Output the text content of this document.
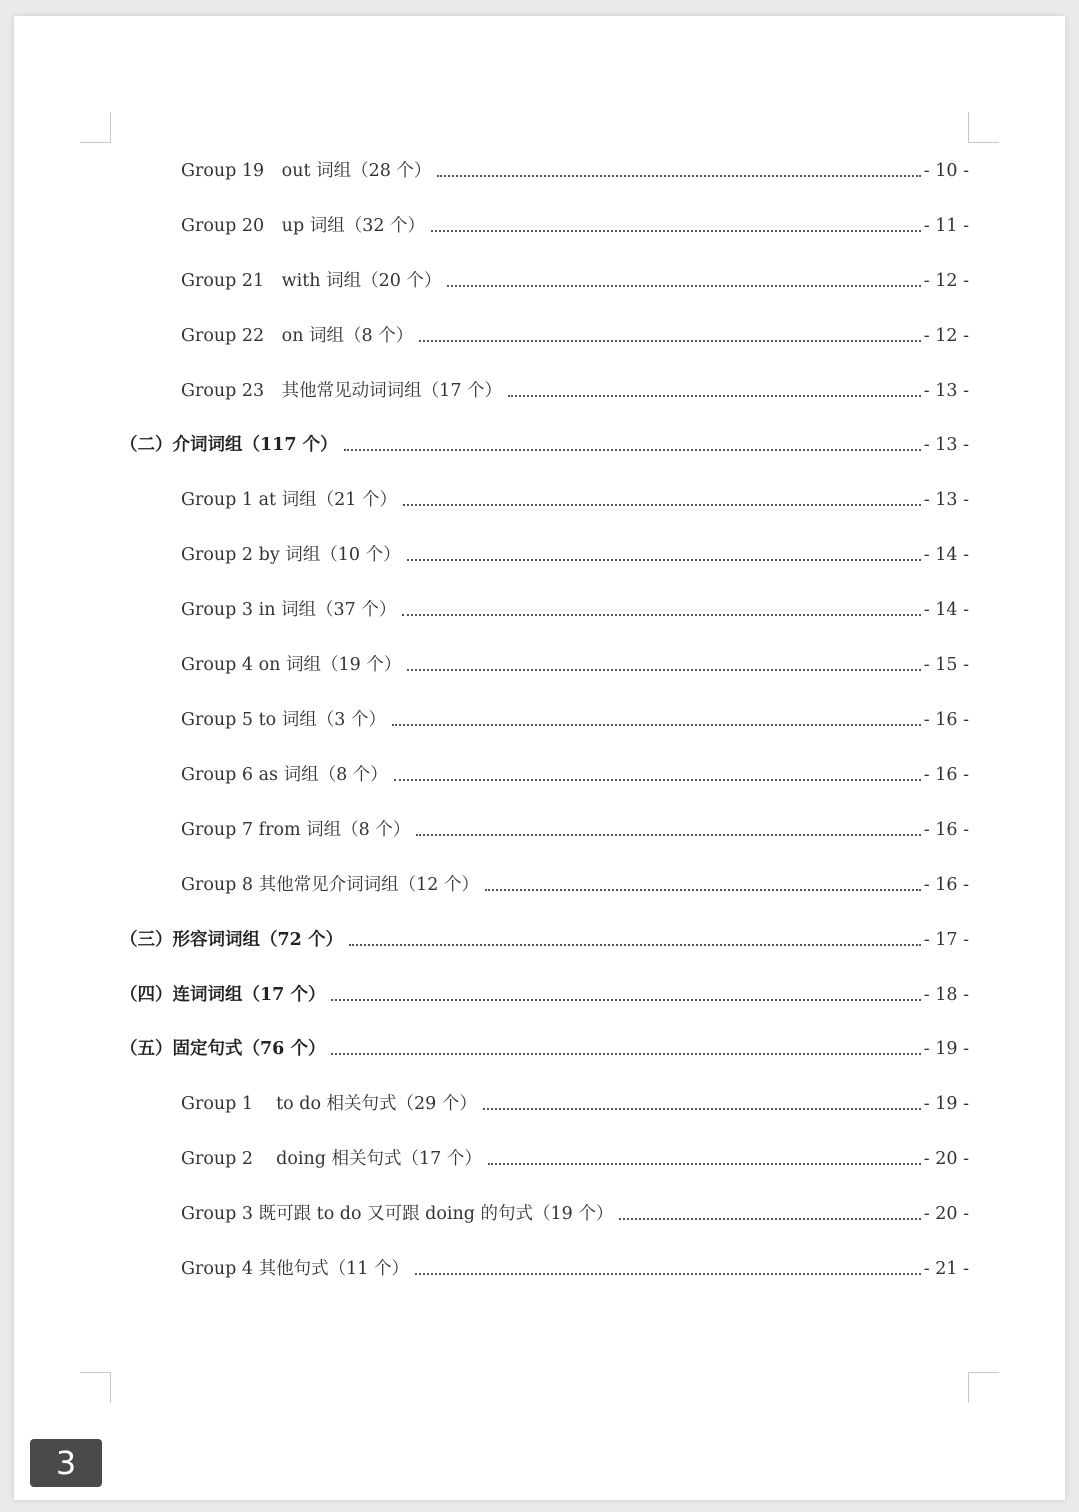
Group 19　out 词组（28 个）	- 10 -
Group 20　up 词组（32 个）	- 11 -
Group 21　with 词组（20 个）	- 12 -
Group 22　on 词组（8 个）	- 12 -
Group 23　其他常见动词词组（17 个）	- 13 -
（二）介词词组（117 个）	- 13 -
Group 1 at 词组（21 个）	- 13 -
Group 2 by 词组（10 个）	- 14 -
Group 3 in 词组（37 个）	- 14 -
Group 4 on 词组（19 个）	- 15 -
Group 5 to 词组（3 个）	- 16 -
Group 6 as 词组（8 个）	- 16 -
Group 7 from 词组（8 个）	- 16 -
Group 8 其他常见介词词组（12 个）	- 16 -
（三）形容词词组（72 个）	- 17 -
（四）连词词组（17 个）	- 18 -
（五）固定句式（76 个）	- 19 -
Group 1　 to do 相关句式（29 个）	- 19 -
Group 2　 doing 相关句式（17 个）	- 20 -
Group 3 既可跟 to do 又可跟 doing 的句式（19 个）	- 20 -
Group 4 其他句式（11 个）	- 21 -
3
